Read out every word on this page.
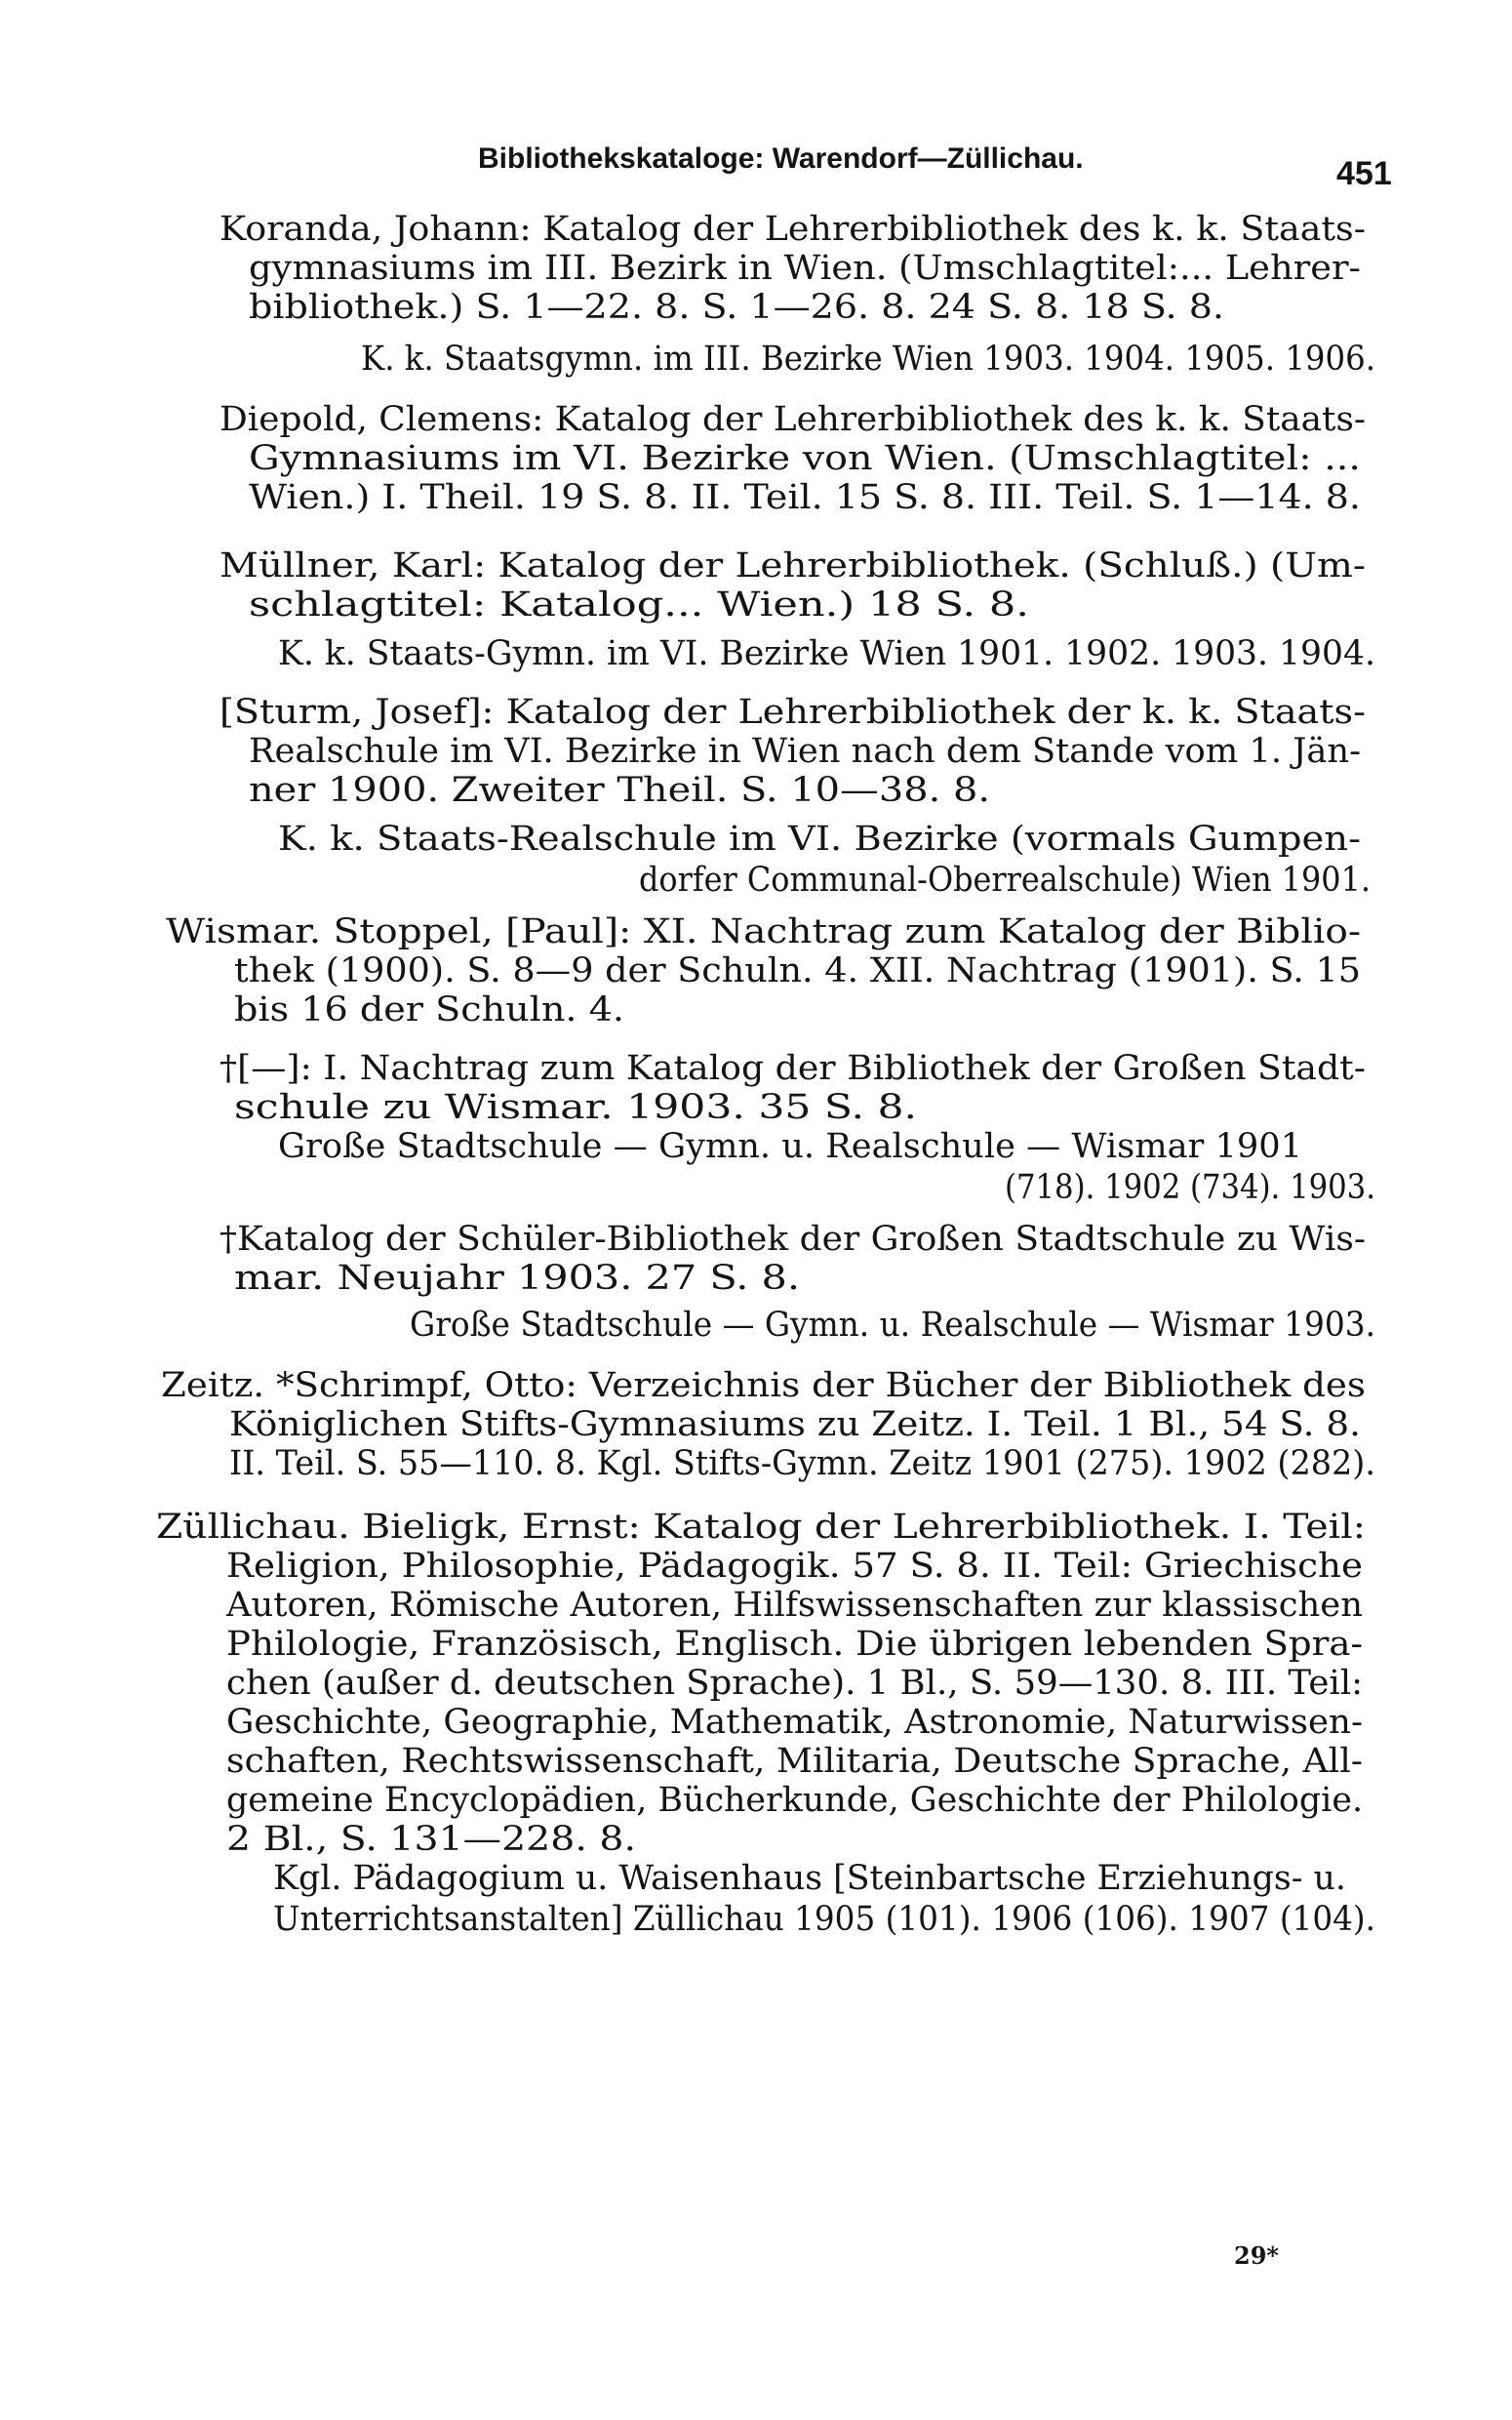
Bibliothekskataloge: Warendorf—Züllichau.	451
Koranda, Johann: Katalog der Lehrerbibliothek des k. k. Staats-
gymnasiums im III. Bezirk in Wien. (Umschlagtitel:... Lehrer-
bibliothek.) S. 1—22. 8. S. 1—26. 8. 24 S. 8. 18 S. 8.
K. k. Staatsgymn. im III. Bezirke Wien 1903. 1904. 1905. 1906.
Diepold, Clemens: Katalog der Lehrerbibliothek des k. k. Staats-
Gymnasiums im VI. Bezirke von Wien. (Umschlagtitel: ...
Wien.) I. Theil. 19 S. 8. II. Teil. 15 S. 8. III. Teil. S. 1—14. 8.
Müllner, Karl: Katalog der Lehrerbibliothek. (Schluß.) (Um-
schlagtitel: Katalog... Wien.) 18 S. 8.
K. k. Staats-Gymn. im VI. Bezirke Wien 1901. 1902. 1903. 1904.
[Sturm, Josef]: Katalog der Lehrerbibliothek der k. k. Staats-
Realschule im VI. Bezirke in Wien nach dem Stande vom 1. Jän-
ner 1900. Zweiter Theil. S. 10—38. 8.
K. k. Staats-Realschule im VI. Bezirke (vormals Gumpen-
dorfer Communal-Oberrealschule) Wien 1901.
Wismar. Stoppel, [Paul]: XI. Nachtrag zum Katalog der Biblio-
thek (1900). S. 8—9 der Schuln. 4. XII. Nachtrag (1901). S. 15
bis 16 der Schuln. 4.
†[—]: I. Nachtrag zum Katalog der Bibliothek der Großen Stadt-
schule zu Wismar. 1903. 35 S. 8.
Große Stadtschule — Gymn. u. Realschule — Wismar 1901
(718). 1902 (734). 1903.
†Katalog der Schüler-Bibliothek der Großen Stadtschule zu Wis-
mar. Neujahr 1903. 27 S. 8.
Große Stadtschule — Gymn. u. Realschule — Wismar 1903.
Zeitz. *Schrimpf, Otto: Verzeichnis der Bücher der Bibliothek des
Königlichen Stifts-Gymnasiums zu Zeitz. I. Teil. 1 Bl., 54 S. 8.
II. Teil. S. 55—110. 8. Kgl. Stifts-Gymn. Zeitz 1901 (275). 1902 (282).
Züllichau. Bieligk, Ernst: Katalog der Lehrerbibliothek. I. Teil:
Religion, Philosophie, Pädagogik. 57 S. 8. II. Teil: Griechische
Autoren, Römische Autoren, Hilfswissenschaften zur klassischen
Philologie, Französisch, Englisch. Die übrigen lebenden Spra-
chen (außer d. deutschen Sprache). 1 Bl., S. 59—130. 8. III. Teil:
Geschichte, Geographie, Mathematik, Astronomie, Naturwissen-
schaften, Rechtswissenschaft, Militaria, Deutsche Sprache, All-
gemeine Encyclopädien, Bücherkunde, Geschichte der Philologie.
2 Bl., S. 131—228. 8.
Kgl. Pädagogium u. Waisenhaus [Steinbartsche Erziehungs- u.
Unterrichtsanstalten] Züllichau 1905 (101). 1906 (106). 1907 (104).
29*
